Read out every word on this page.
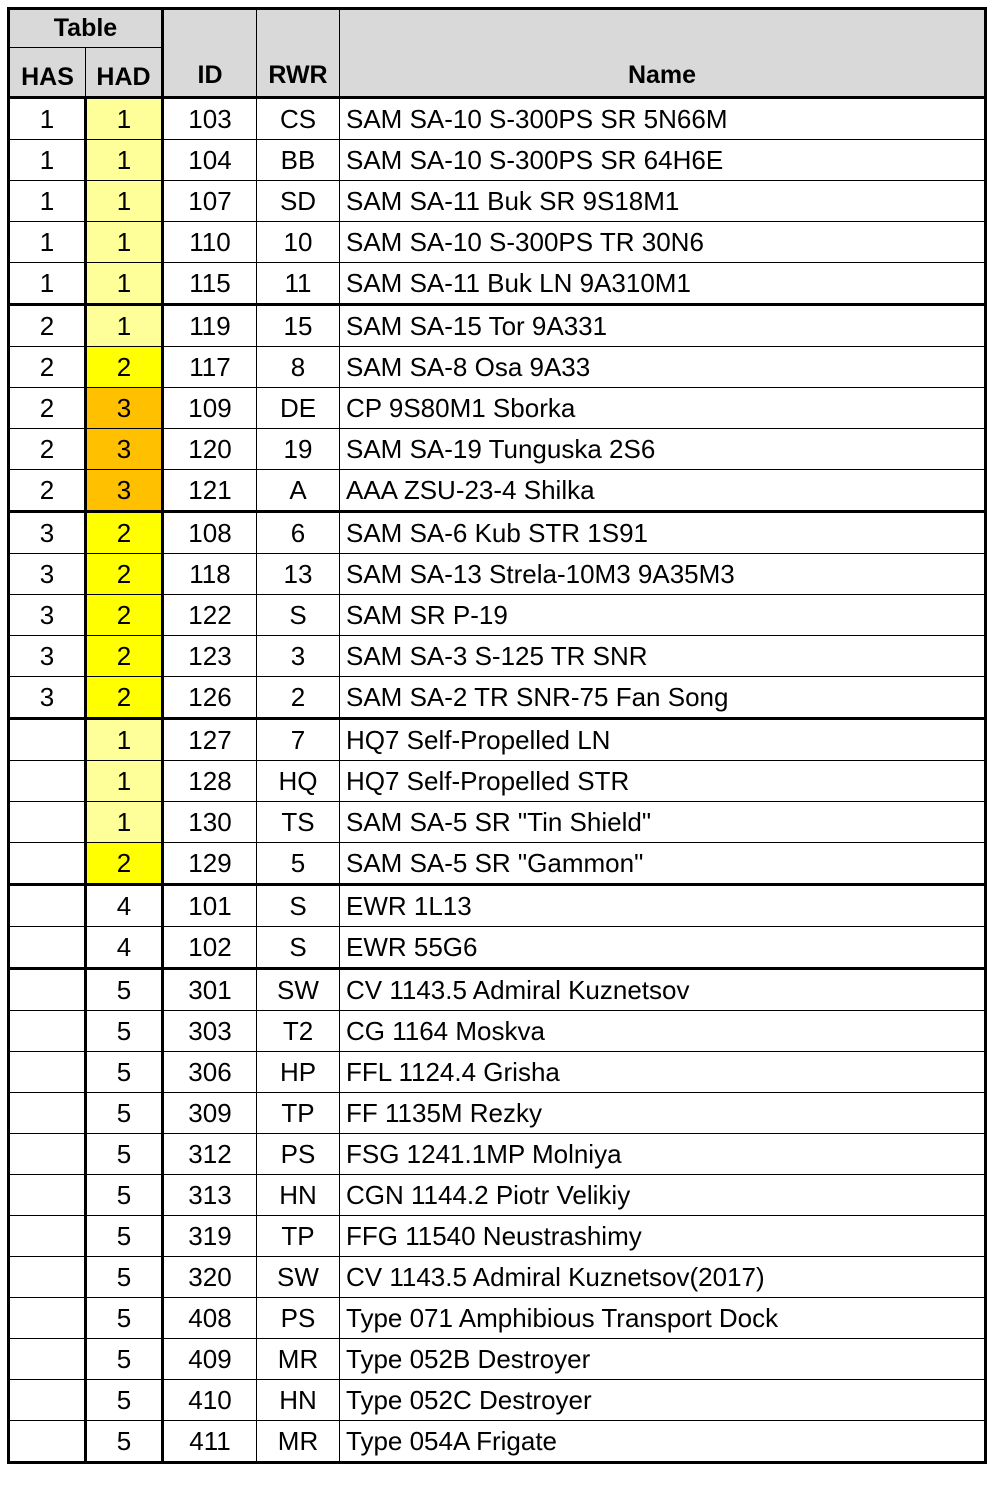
Table		ID	RWR	Name
HAS	HAD			
1	1	103	CS	SAM SA-10 S-300PS SR 5N66M
1	1	104	BB	SAM SA-10 S-300PS SR 64H6E
1	1	107	SD	SAM SA-11 Buk SR 9S18M1
1	1	110	10	SAM SA-10 S-300PS TR 30N6
1	1	115	11	SAM SA-11 Buk LN 9A310M1
2	1	119	15	SAM SA-15 Tor 9A331
2	2	117	8	SAM SA-8 Osa 9A33
2	3	109	DE	CP 9S80M1 Sborka
2	3	120	19	SAM SA-19 Tunguska 2S6
2	3	121	A	AAA ZSU-23-4 Shilka
3	2	108	6	SAM SA-6 Kub STR 1S91
3	2	118	13	SAM SA-13 Strela-10M3 9A35M3
3	2	122	S	SAM SR P-19
3	2	123	3	SAM SA-3 S-125 TR SNR
3	2	126	2	SAM SA-2 TR SNR-75 Fan Song
	1	127	7	HQ7 Self-Propelled LN
	1	128	HQ	HQ7 Self-Propelled STR
	1	130	TS	SAM SA-5 SR "Tin Shield"
	2	129	5	SAM SA-5 SR "Gammon"
	4	101	S	EWR 1L13
	4	102	S	EWR 55G6
	5	301	SW	CV 1143.5 Admiral Kuznetsov
	5	303	T2	CG 1164 Moskva
	5	306	HP	FFL 1124.4 Grisha
	5	309	TP	FF 1135M Rezky
	5	312	PS	FSG 1241.1MP Molniya
	5	313	HN	CGN 1144.2 Piotr Velikiy
	5	319	TP	FFG 11540 Neustrashimy
	5	320	SW	CV 1143.5 Admiral Kuznetsov(2017)
	5	408	PS	Type 071 Amphibious Transport Dock
	5	409	MR	Type 052B Destroyer
	5	410	HN	Type 052C Destroyer
	5	411	MR	Type 054A Frigate
